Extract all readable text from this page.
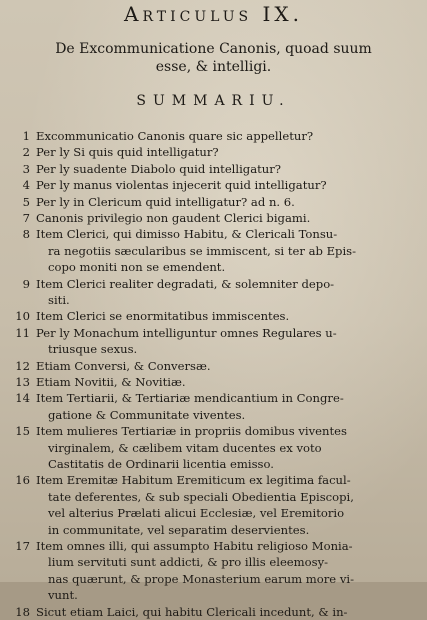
Articulus IX.
De Excommunicatione Canonis, quoad suum
esse, & intelligi.
SUMMARIU.
1 Excommunicatio Canonis quare sic appelletur?
2 Per ly Si quis quid intelligatur?
3 Per ly suadente Diabolo quid intelligatur?
4 Per ly manus violentas injecerit quid intelligatur?
5 Per ly in Clericum quid intelligatur? ad n. 6.
7 Canonis privilegio non gaudent Clerici bigami.
8 Item Clerici, qui dimisso Habitu, & Clericali Tonsu-
ra negotiis sæcularibus se immiscent, si ter ab Epis-
copo moniti non se emendent.
9 Item Clerici realiter degradati, & solemniter depo-
siti.
10 Item Clerici se enormitatibus immiscentes.
11 Per ly Monachum intelliguntur omnes Regulares u-
triusque sexus.
12 Etiam Conversi, & Conversæ.
13 Etiam Novitii, & Novitiæ.
14 Item Tertiarii, & Tertiariæ mendicantium in Congre-
gatione & Communitate viventes.
15 Item mulieres Tertiariæ in propriis domibus viventes
virginalem, & cælibem vitam ducentes ex voto
Castitatis de Ordinarii licentia emisso.
16 Item Eremitæ Habitum Eremiticum ex legitima facul-
tate deferentes, & sub speciali Obedientia Episcopi,
vel alterius Prælati alicui Ecclesiæ, vel Eremitorio
in communitate, vel separatim deservientes.
17 Item omnes illi, qui assumpto Habitu religioso Monia-
lium servituti sunt addicti, & pro illis eleemosy-
nas quærunt, & prope Monasterium earum more vi-
vunt.
18 Sicut etiam Laici, qui habitu Clericali incedunt, & in-
